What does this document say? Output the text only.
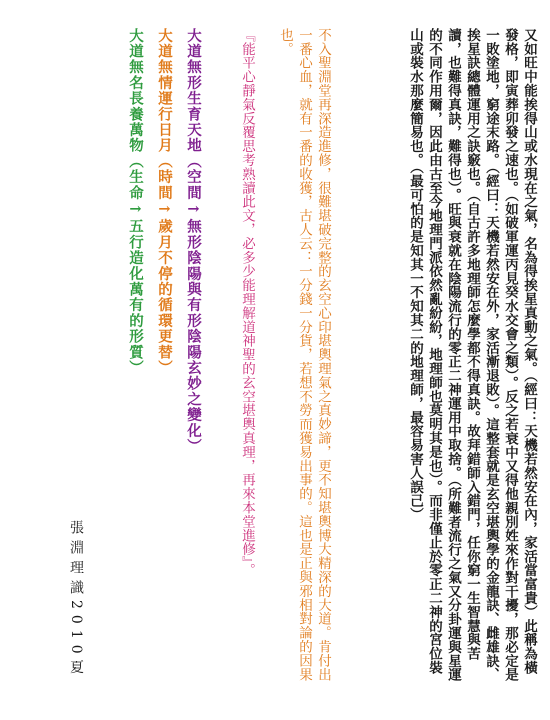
又如旺中能挨得山或水現在之氣，名為得挨星真動之氣。（經曰：天機若然安在內，家活當富貴）此稱為橫發格，即寅葬卯發之速也。（如破軍運丙見癸水交會之類）。反之若衰中又得他親別姓來作對干擾，那必定是一敗塗地，窮途末路。（經曰：天機若然安在外，家活漸退敗）。這整套就是玄空堪輿學的金龍訣、雌雄訣、挨星訣總體運用之訣竅也。（自古許多地理師怎麼學都不得真訣。故拜錯師入錯門，任你窮一生智慧與苦讀，也難得真訣，難得也）。旺與衰就在陰陽流行的零正二神運用中取捨。（所難者流行之氣又分卦運與星運的不同作用爾，因此由古至今地理門派依然亂紛紛，地理師也莫明其是也）。而非僅止於零正二神的宮位裝山或裝水那麼簡易也。（最可怕的是知其一不知其二的地理師，最容易害人誤己）
不入聖淵堂再深造進修，很難堪破完整的玄空心印堪輿理氣之真妙諦，更不知堪輿博大精深的大道。肯付出一番心血，就有一番的收獲，古人云：一分錢一分貨，若想不勞而獲易出事的。這也是正與邪相對論的因果也。
『能平心靜氣反覆思考熟讀此文，必多少能理解道神聖的玄空堪輿真理，再來本堂進修』。
大道無形生育天地（空間→無形陰陽與有形陰陽玄妙之變化）
大道無情運行日月（時間→歲月不停的循環更替）
大道無名長養萬物（生命→五行造化萬有的形質）
張淵理識2010夏
